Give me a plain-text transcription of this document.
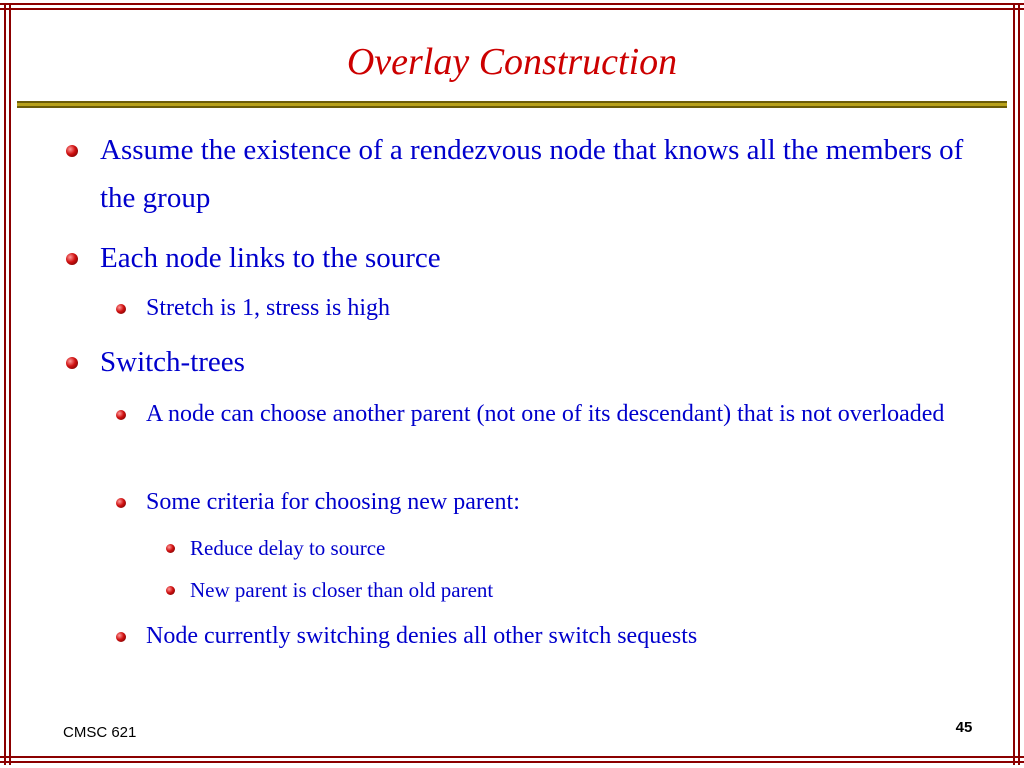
Overlay Construction
Assume the existence of a rendezvous node that knows all the members of the group
Each node links to the source
Stretch is 1, stress is high
Switch-trees
A node can choose another parent (not one of its descendant) that is not overloaded
Some criteria for choosing new parent:
Reduce delay to source
New parent is closer than old parent
Node currently switching denies all other switch sequests
CMSC 621	45
